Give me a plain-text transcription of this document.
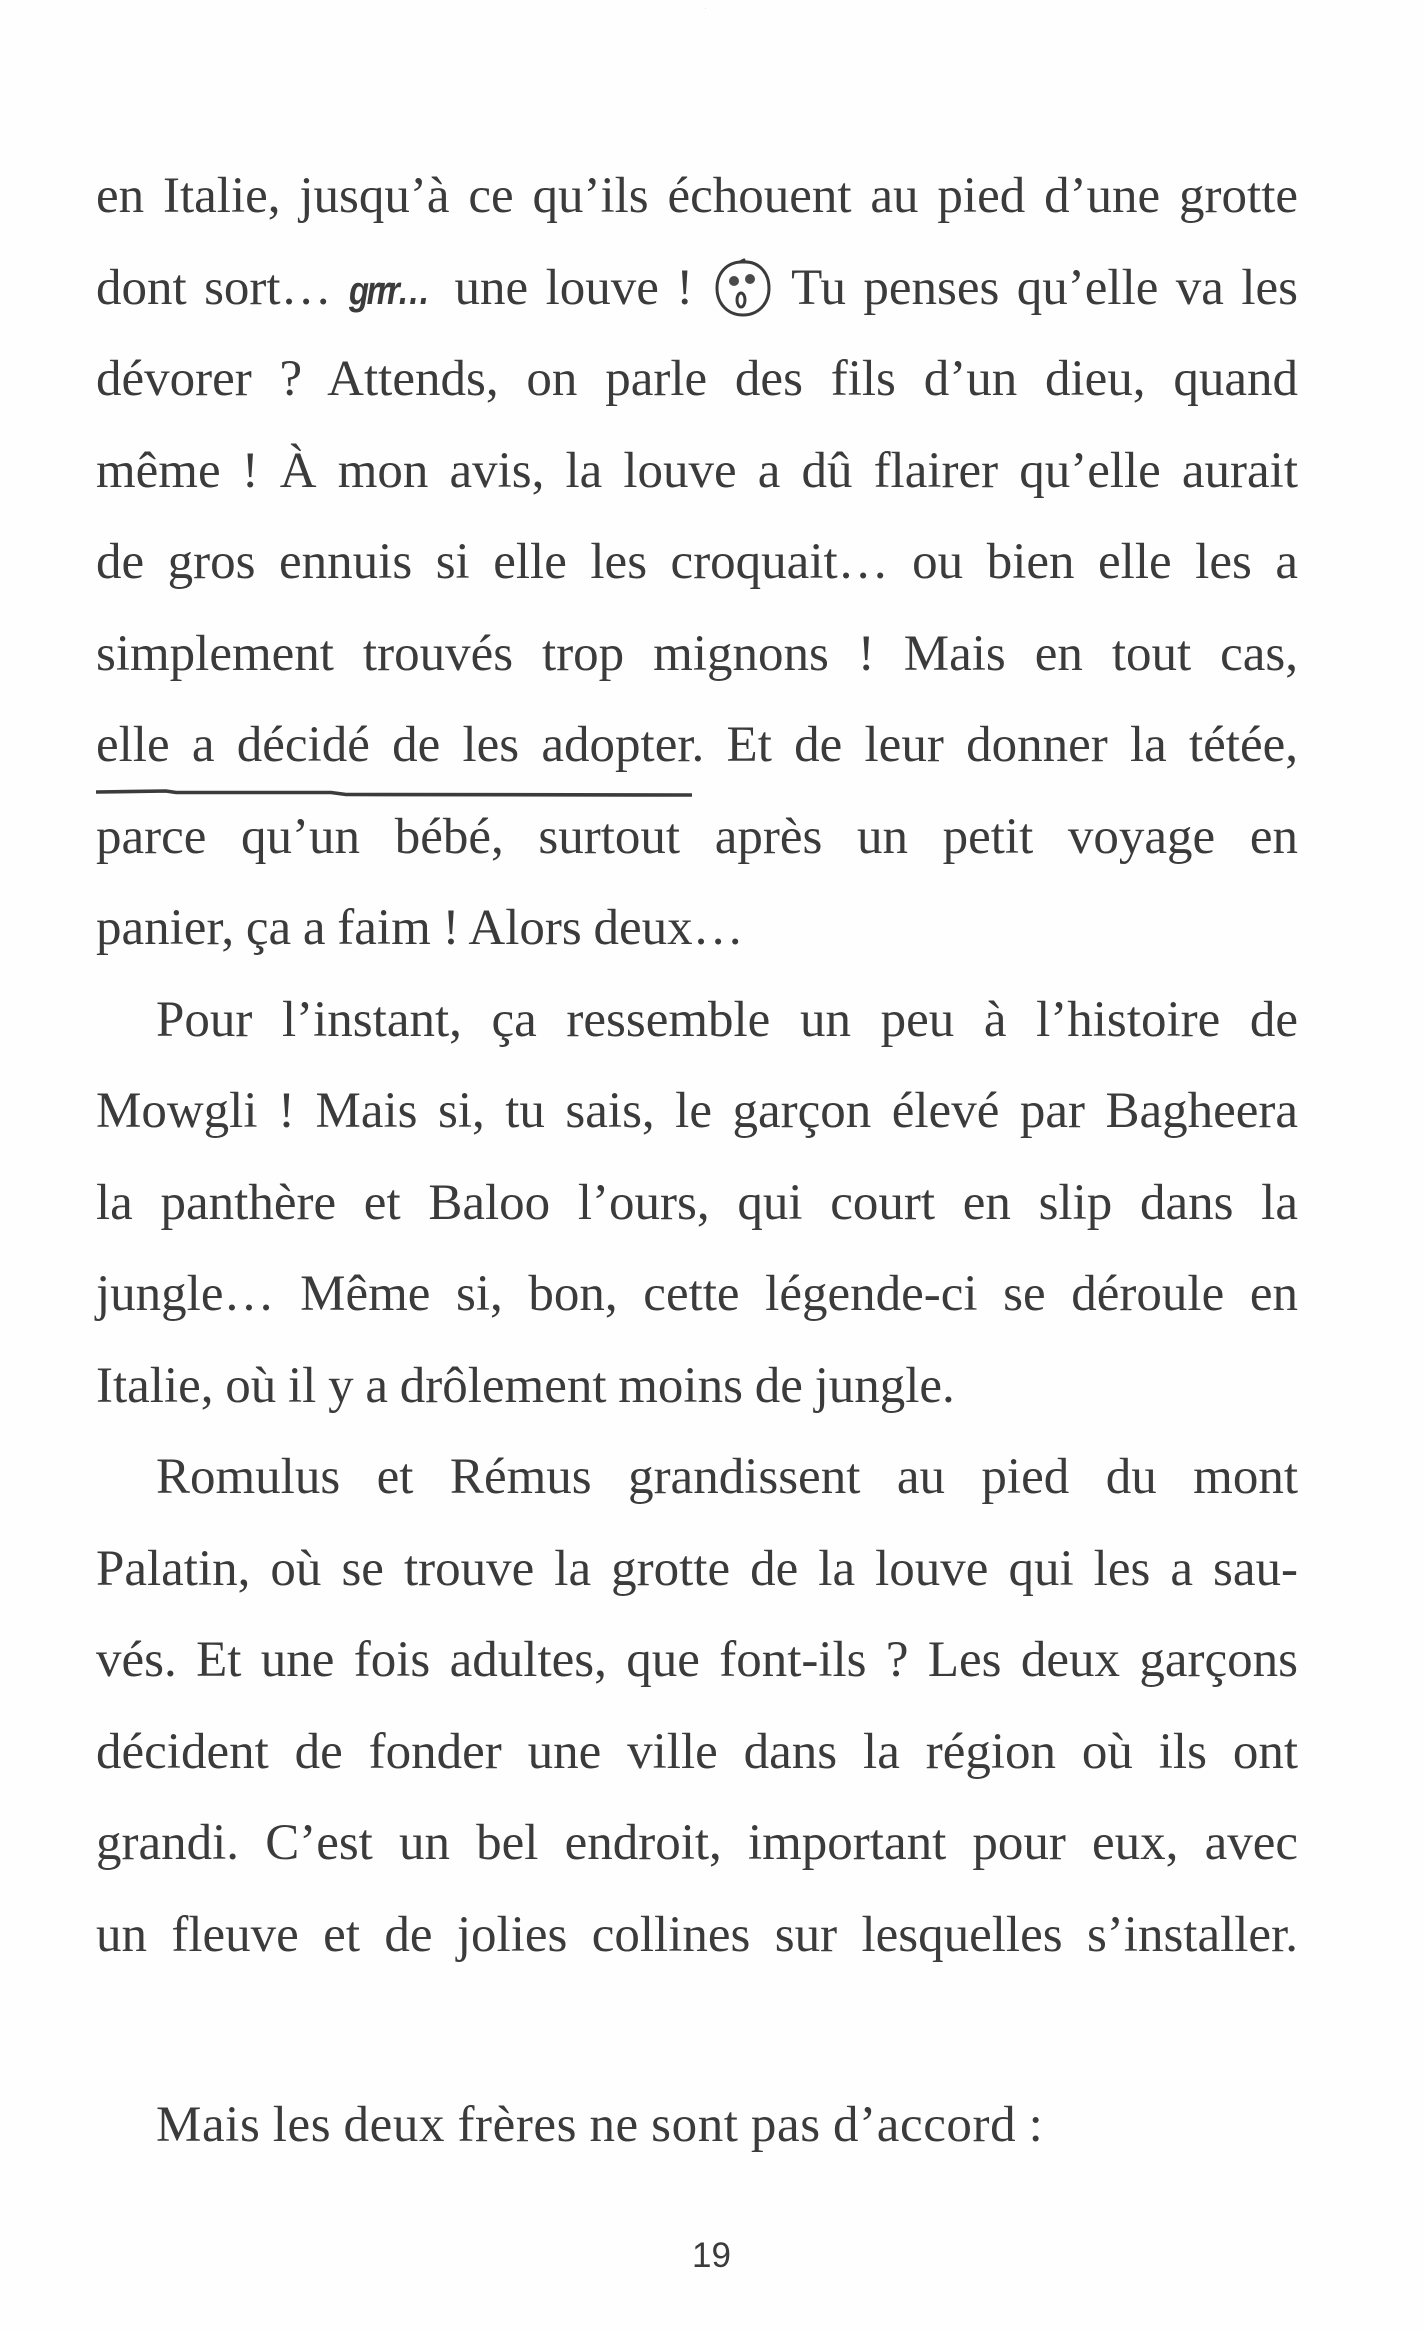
en Italie, jusqu’à ce qu’ils échouent au pied d’une grotte
dont sort… grrr… une louve !  Tu penses qu’elle va les
dévorer ? Attends, on parle des fils d’un dieu, quand
même ! À mon avis, la louve a dû flairer qu’elle aurait
de gros ennuis si elle les croquait… ou bien elle les a
simplement trouvés trop mignons ! Mais en tout cas,
elle a décidé de les adopter. Et de leur donner la tétée,
parce qu’un bébé, surtout après un petit voyage en
panier, ça a faim ! Alors deux…
Pour l’instant, ça ressemble un peu à l’histoire de
Mowgli ! Mais si, tu sais, le garçon élevé par Bagheera
la panthère et Baloo l’ours, qui court en slip dans la
jungle… Même si, bon, cette légende-ci se déroule en
Italie, où il y a drôlement moins de jungle.
Romulus et Rémus grandissent au pied du mont
Palatin, où se trouve la grotte de la louve qui les a sau-
vés. Et une fois adultes, que font-ils ? Les deux garçons
décident de fonder une ville dans la région où ils ont
grandi. C’est un bel endroit, important pour eux, avec
un fleuve et de jolies collines sur lesquelles s’installer.
Mais les deux frères ne sont pas d’accord :
19
